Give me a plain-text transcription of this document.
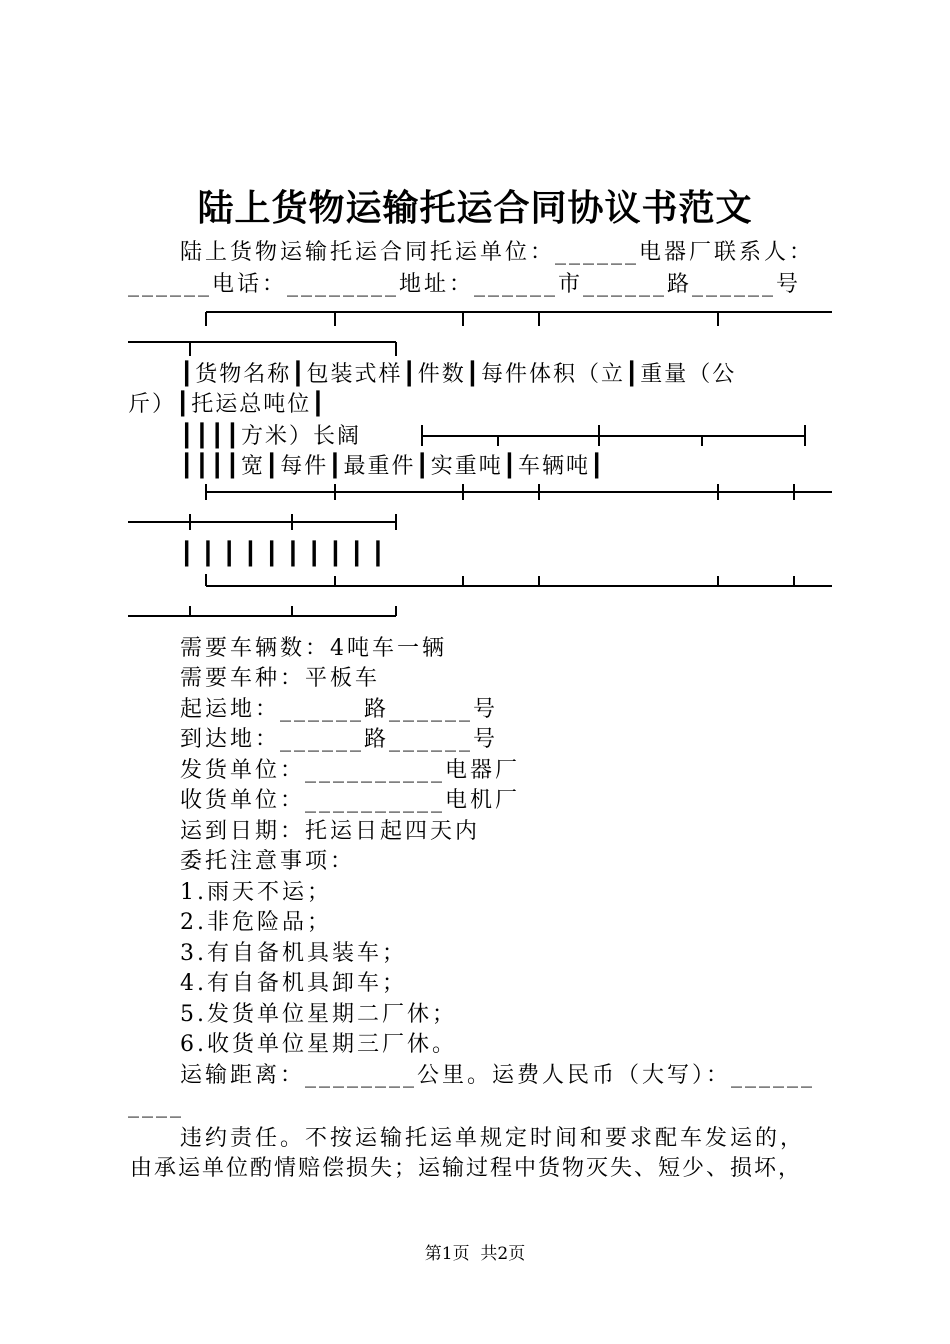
陆上货物运输托运合同协议书范文
陆上货物运输托运合同托运单位：______电器厂联系人：
______电话：________地址：______市______路______号
┃货物名称┃包装式样┃件数┃每件体积（立┃重量（公
斤）┃托运总吨位┃
┃┃┃┃方米）长阔
┃┃┃┃宽┃每件┃最重件┃实重吨┃车辆吨┃
┃┃┃┃┃┃┃┃┃┃
需要车辆数：4吨车一辆
需要车种：平板车
起运地：______路______号
到达地：______路______号
发货单位：__________电器厂
收货单位：__________电机厂
运到日期：托运日起四天内
委托注意事项：
1.雨天不运；
2.非危险品；
3.有自备机具装车；
4.有自备机具卸车；
5.发货单位星期二厂休；
6.收货单位星期三厂休。
运输距离：________公里。运费人民币（大写）：______
____
违约责任。不按运输托运单规定时间和要求配车发运的，
由承运单位酌情赔偿损失；运输过程中货物灭失、短少、损坏，
第1页  共2页
